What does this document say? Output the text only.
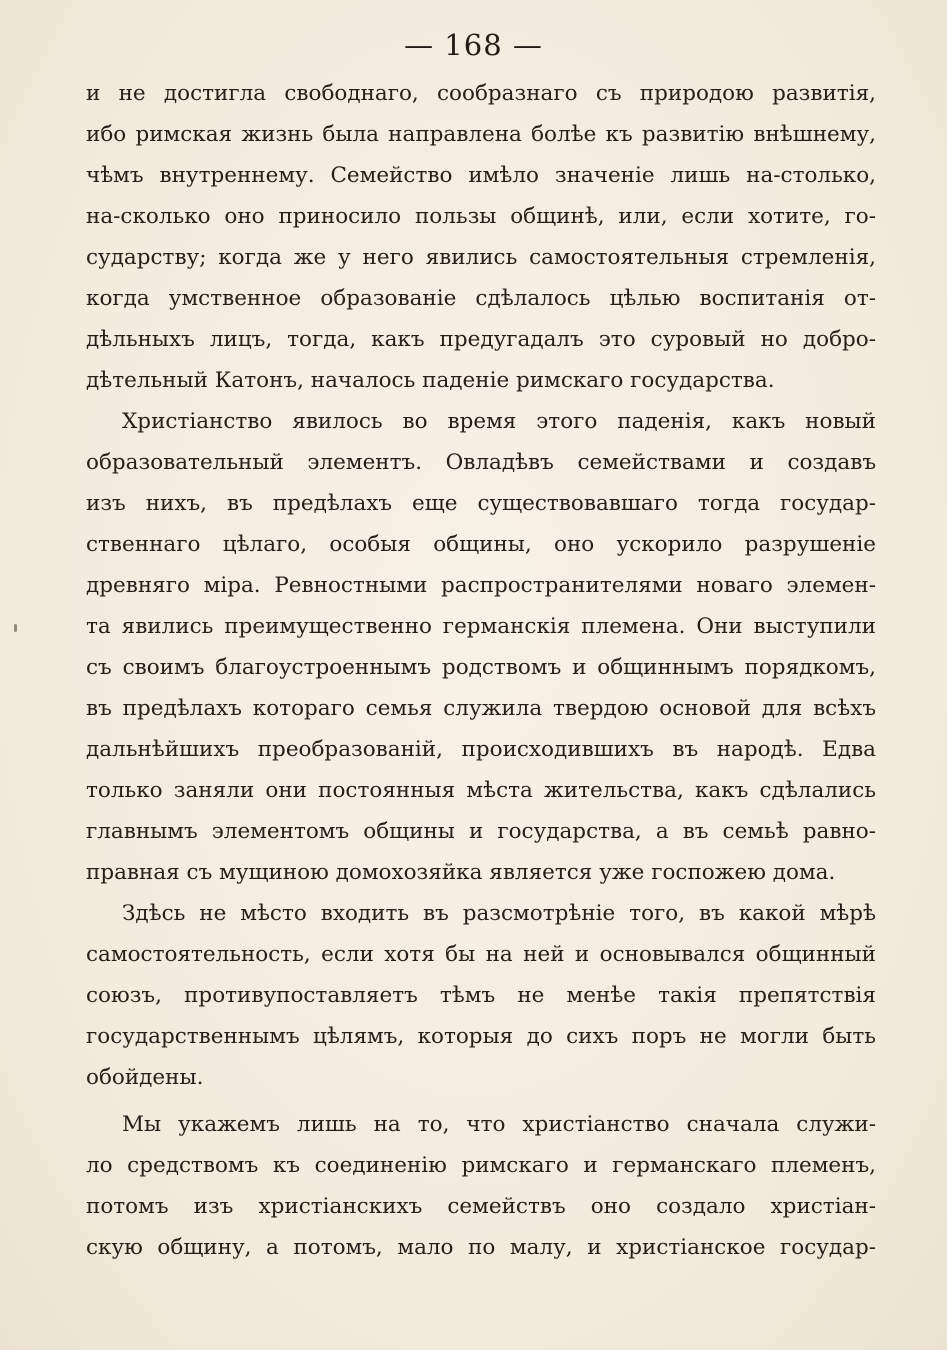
— 168 —
и не достигла свободнаго, сообразнаго съ природою развитія,
ибо римская жизнь была направлена болѣе къ развитію внѣшнему,
чѣмъ внутреннему. Семейство имѣло значеніе лишь на-столько,
на-сколько оно приносило пользы общинѣ, или, если хотите, го-
сударству; когда же у него явились самостоятельныя стремленія,
когда умственное образованіе сдѣлалось цѣлью воспитанія от-
дѣльныхъ лицъ, тогда, какъ предугадалъ это суровый но добро-
дѣтельный Катонъ, началось паденіе римскаго государства.
Христіанство явилось во время этого паденія, какъ новый
образовательный элементъ. Овладѣвъ семействами и создавъ
изъ нихъ, въ предѣлахъ еще существовавшаго тогда государ-
ственнаго цѣлаго, особыя общины, оно ускорило разрушеніе
древняго міра. Ревностными распространителями новаго элемен-
та явились преимущественно германскія племена. Они выступили
съ своимъ благоустроеннымъ родствомъ и общиннымъ порядкомъ,
въ предѣлахъ котораго семья служила твердою основой для всѣхъ
дальнѣйшихъ преобразованій, происходившихъ въ народѣ. Едва
только заняли они постоянныя мѣста жительства, какъ сдѣлались
главнымъ элементомъ общины и государства, а въ семьѣ равно-
правная съ мущиною домохозяйка является уже госпожею дома.
Здѣсь не мѣсто входить въ разсмотрѣніе того, въ какой мѣрѣ
самостоятельность, если хотя бы на ней и основывался общинный
союзъ, противупоставляетъ тѣмъ не менѣе такія препятствія
государственнымъ цѣлямъ, которыя до сихъ поръ не могли быть
обойдены.
Мы укажемъ лишь на то, что христіанство сначала служи-
ло средствомъ къ соединенію римскаго и германскаго племенъ,
потомъ изъ христіанскихъ семействъ оно создало христіан-
скую общину, а потомъ, мало по малу, и христіанское государ-
